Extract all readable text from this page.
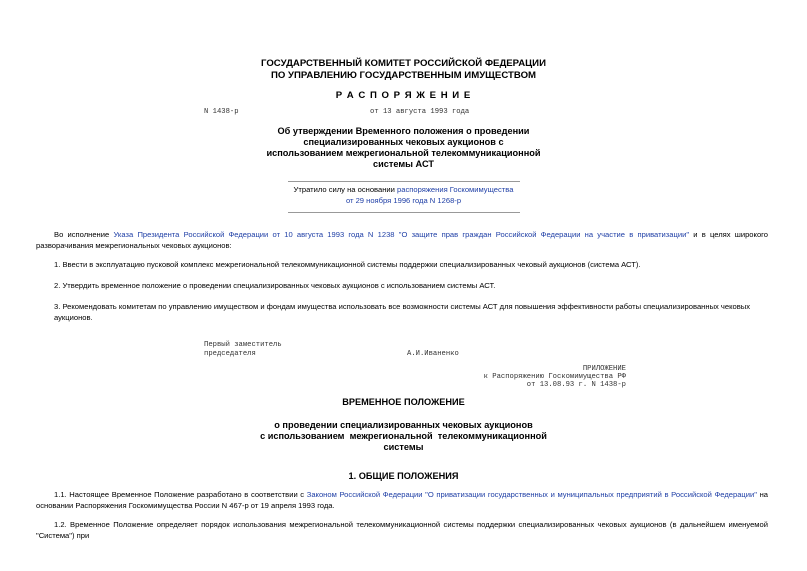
ГОСУДАРСТВЕННЫЙ КОМИТЕТ РОССИЙСКОЙ ФЕДЕРАЦИИ
ПО УПРАВЛЕНИЮ ГОСУДАРСТВЕННЫМ ИМУЩЕСТВОМ
Р А С П О Р Я Ж Е Н И Е
N 1438-р	от 13 августа 1993 года
Об утверждении Временного положения о проведении
специализированных чековых аукционов с
использованием межрегиональной телекоммуникационной
системы АСТ
Утратило силу на основании распоряжения Госкомимущества
от 29 ноября 1996 года N 1268-р
Во исполнение Указа Президента Российской Федерации от 10 августа 1993 года N 1238 "О защите прав граждан Российской Федерации на участие в приватизации" и в целях широкого разворачивания межрегиональных чековых аукционов:
1. Ввести в эксплуатацию пусковой комплекс межрегиональной телекоммуникационной системы поддержки специализированных чековый аукционов (система АСТ).
2. Утвердить временное положение о проведении специализированных чековых аукционов с использованием системы АСТ.
3. Рекомендовать комитетам по управлению имуществом и фондам имущества использовать все возможности системы АСТ для повышения эффективности работы специализированных чековых аукционов.
Первый заместитель
председателя	А.И.Иваненко
ПРИЛОЖЕНИЕ
к Распоряжению Госкомимущества РФ
от 13.08.93 г. N 1438-р
ВРЕМЕННОЕ ПОЛОЖЕНИЕ
о проведении специализированных чековых аукционов
с использованием  межрегиональной  телекоммуникационной
системы
1. ОБЩИЕ ПОЛОЖЕНИЯ
1.1. Настоящее Временное Положение разработано в соответствии с Законом Российской Федерации "О приватизации государственных и муниципальных предприятий в Российской Федерации" на основании Распоряжения Госкомимущества России N 467-р от 19 апреля 1993 года.
1.2. Временное Положение определяет порядок использования межрегиональной телекоммуникационной системы поддержки специализированных чековых аукционов (в дальнейшем именуемой "Система") при
